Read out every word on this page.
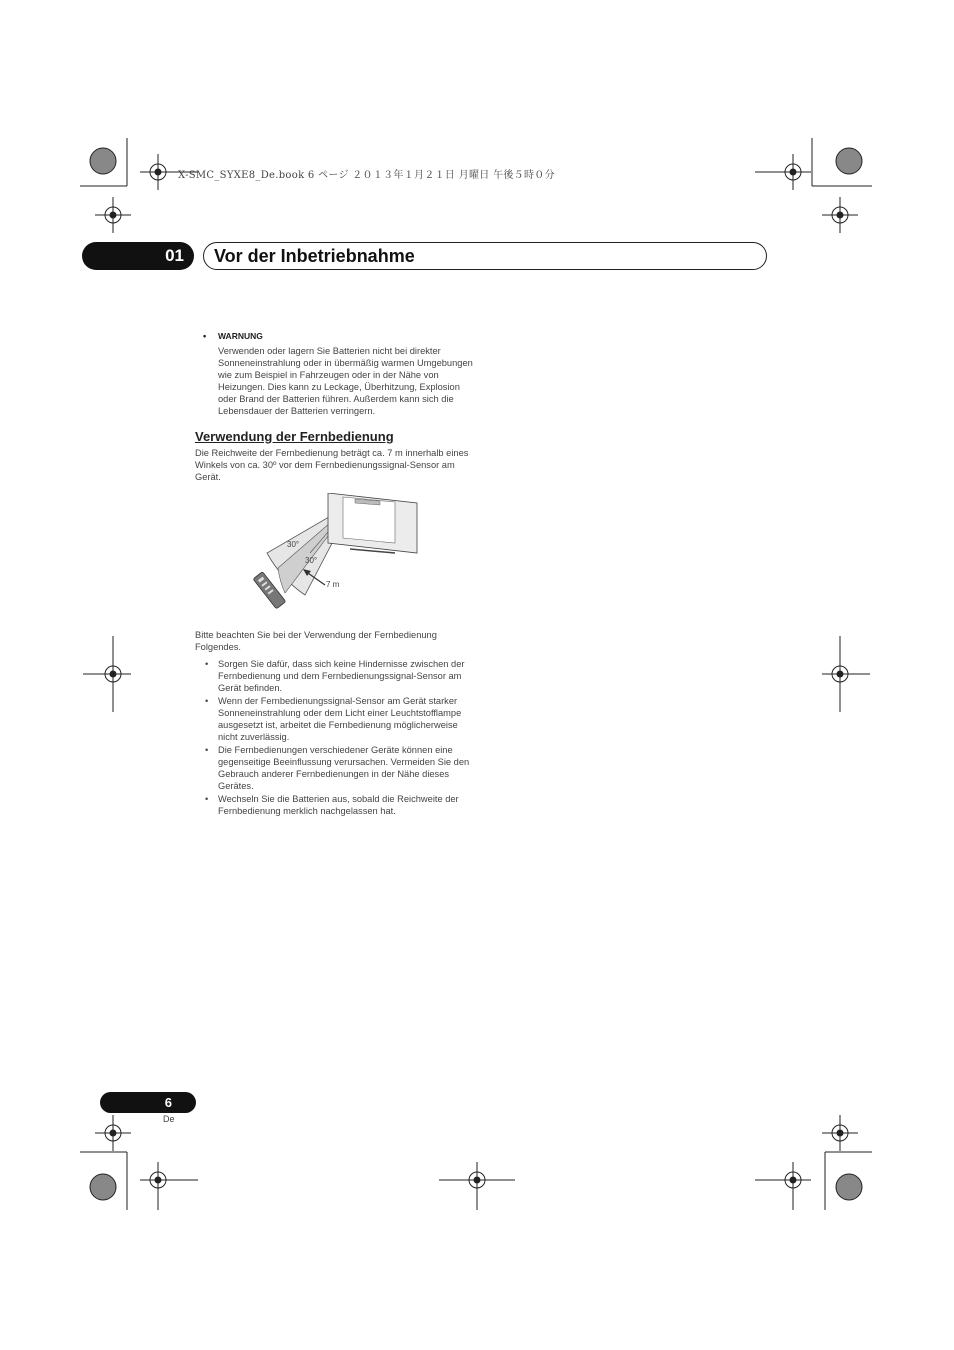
X-SMC_SYXE8_De.book 6 ページ ２０１３年１月２１日 月曜日 午後５時０分
01	Vor der Inbetriebnahme
• WARNUNG
Verwenden oder lagern Sie Batterien nicht bei direkter Sonneneinstrahlung oder in übermäßig warmen Umgebungen wie zum Beispiel in Fahrzeugen oder in der Nähe von Heizungen. Dies kann zu Leckage, Überhitzung, Explosion oder Brand der Batterien führen. Außerdem kann sich die Lebensdauer der Batterien verringern.
Verwendung der Fernbedienung
Die Reichweite der Fernbedienung beträgt ca. 7 m innerhalb eines Winkels von ca. 30º vor dem Fernbedienungssignal-Sensor am Gerät.
30°
30°
7 m
Bitte beachten Sie bei der Verwendung der Fernbedienung Folgendes.
• Sorgen Sie dafür, dass sich keine Hindernisse zwischen der Fernbedienung und dem Fernbedienungssignal-Sensor am Gerät befinden.
• Wenn der Fernbedienungssignal-Sensor am Gerät starker Sonneneinstrahlung oder dem Licht einer Leuchtstofflampe ausgesetzt ist, arbeitet die Fernbedienung möglicherweise nicht zuverlässig.
• Die Fernbedienungen verschiedener Geräte können eine gegenseitige Beeinflussung verursachen. Vermeiden Sie den Gebrauch anderer Fernbedienungen in der Nähe dieses Gerätes.
• Wechseln Sie die Batterien aus, sobald die Reichweite der Fernbedienung merklich nachgelassen hat.
6
De
